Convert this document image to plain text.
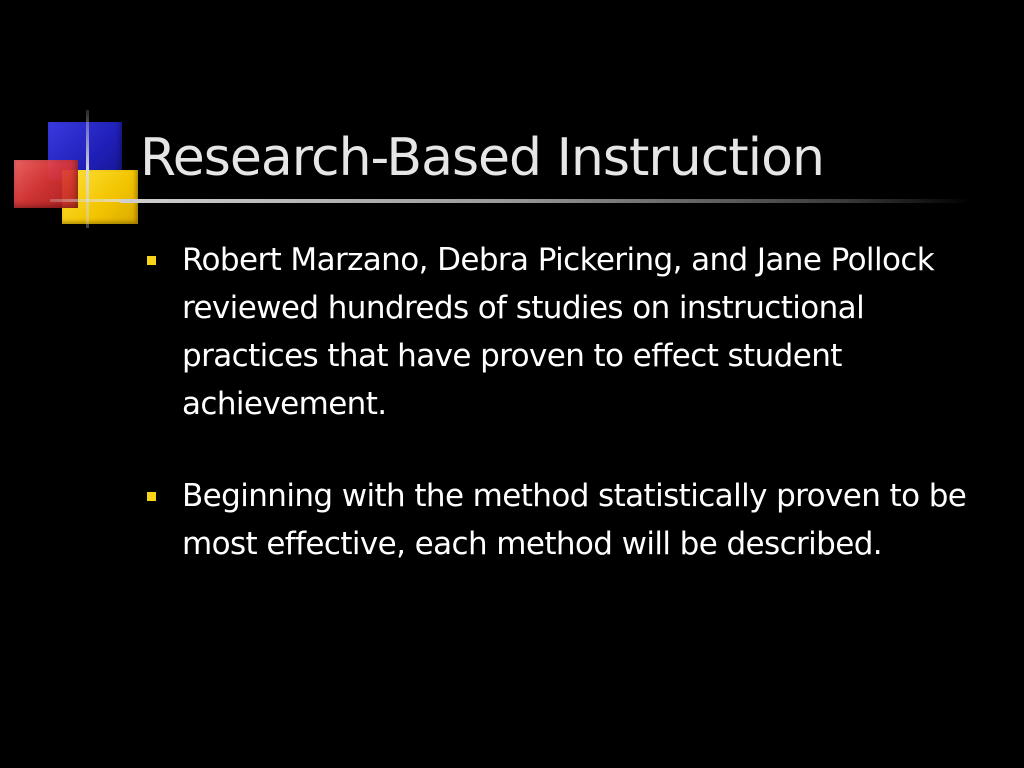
Research-Based Instruction
Robert Marzano, Debra Pickering, and Jane Pollock reviewed hundreds of studies on instructional practices that have proven to effect student achievement.
Beginning with the method statistically proven to be most effective, each method will be described.
